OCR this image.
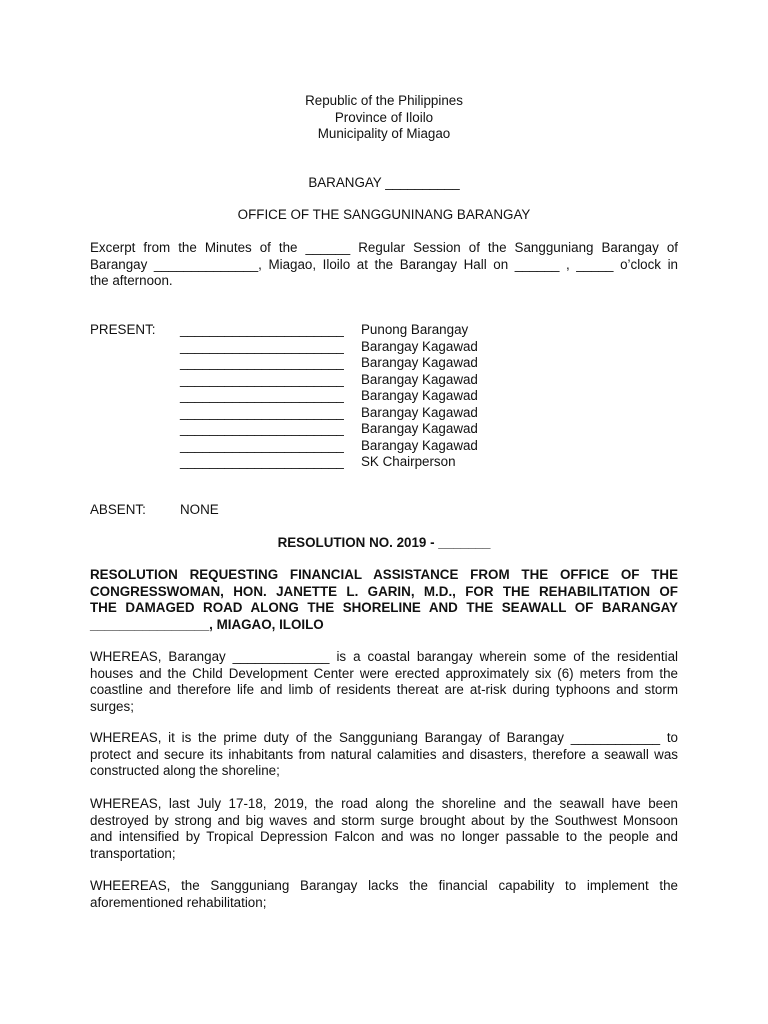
Republic of the Philippines
Province of Iloilo
Municipality of Miagao
BARANGAY __________
OFFICE OF THE SANGGUNINANG BARANGAY
Excerpt from the Minutes of the ______ Regular Session of the Sangguniang Barangay of
Barangay ______________, Miagao, Iloilo at the Barangay Hall on ______ , _____ o’clock in
the afternoon.
PRESENT: ______________________ Punong Barangay
______________________ Barangay Kagawad
______________________ Barangay Kagawad
______________________ Barangay Kagawad
______________________ Barangay Kagawad
______________________ Barangay Kagawad
______________________ Barangay Kagawad
______________________ Barangay Kagawad
______________________ SK Chairperson
ABSENT:	NONE
RESOLUTION NO. 2019 - _______
RESOLUTION REQUESTING FINANCIAL ASSISTANCE FROM THE OFFICE OF THE
CONGRESSWOMAN, HON. JANETTE L. GARIN, M.D., FOR THE REHABILITATION OF
THE DAMAGED ROAD ALONG THE SHORELINE AND THE SEAWALL OF BARANGAY
________________, MIAGAO, ILOILO
WHEREAS, Barangay _____________ is a coastal barangay wherein some of the residential
houses and the Child Development Center were erected approximately six (6) meters from the
coastline and therefore life and limb of residents thereat are at-risk during typhoons and storm
surges;
WHEREAS, it is the prime duty of the Sangguniang Barangay of Barangay ____________ to
protect and secure its inhabitants from natural calamities and disasters, therefore a seawall was
constructed along the shoreline;
WHEREAS, last July 17-18, 2019, the road along the shoreline and the seawall have been
destroyed by strong and big waves and storm surge brought about by the Southwest Monsoon
and intensified by Tropical Depression Falcon and was no longer passable to the people and
transportation;
WHEEREAS, the Sangguniang Barangay lacks the financial capability to implement the
aforementioned rehabilitation;
